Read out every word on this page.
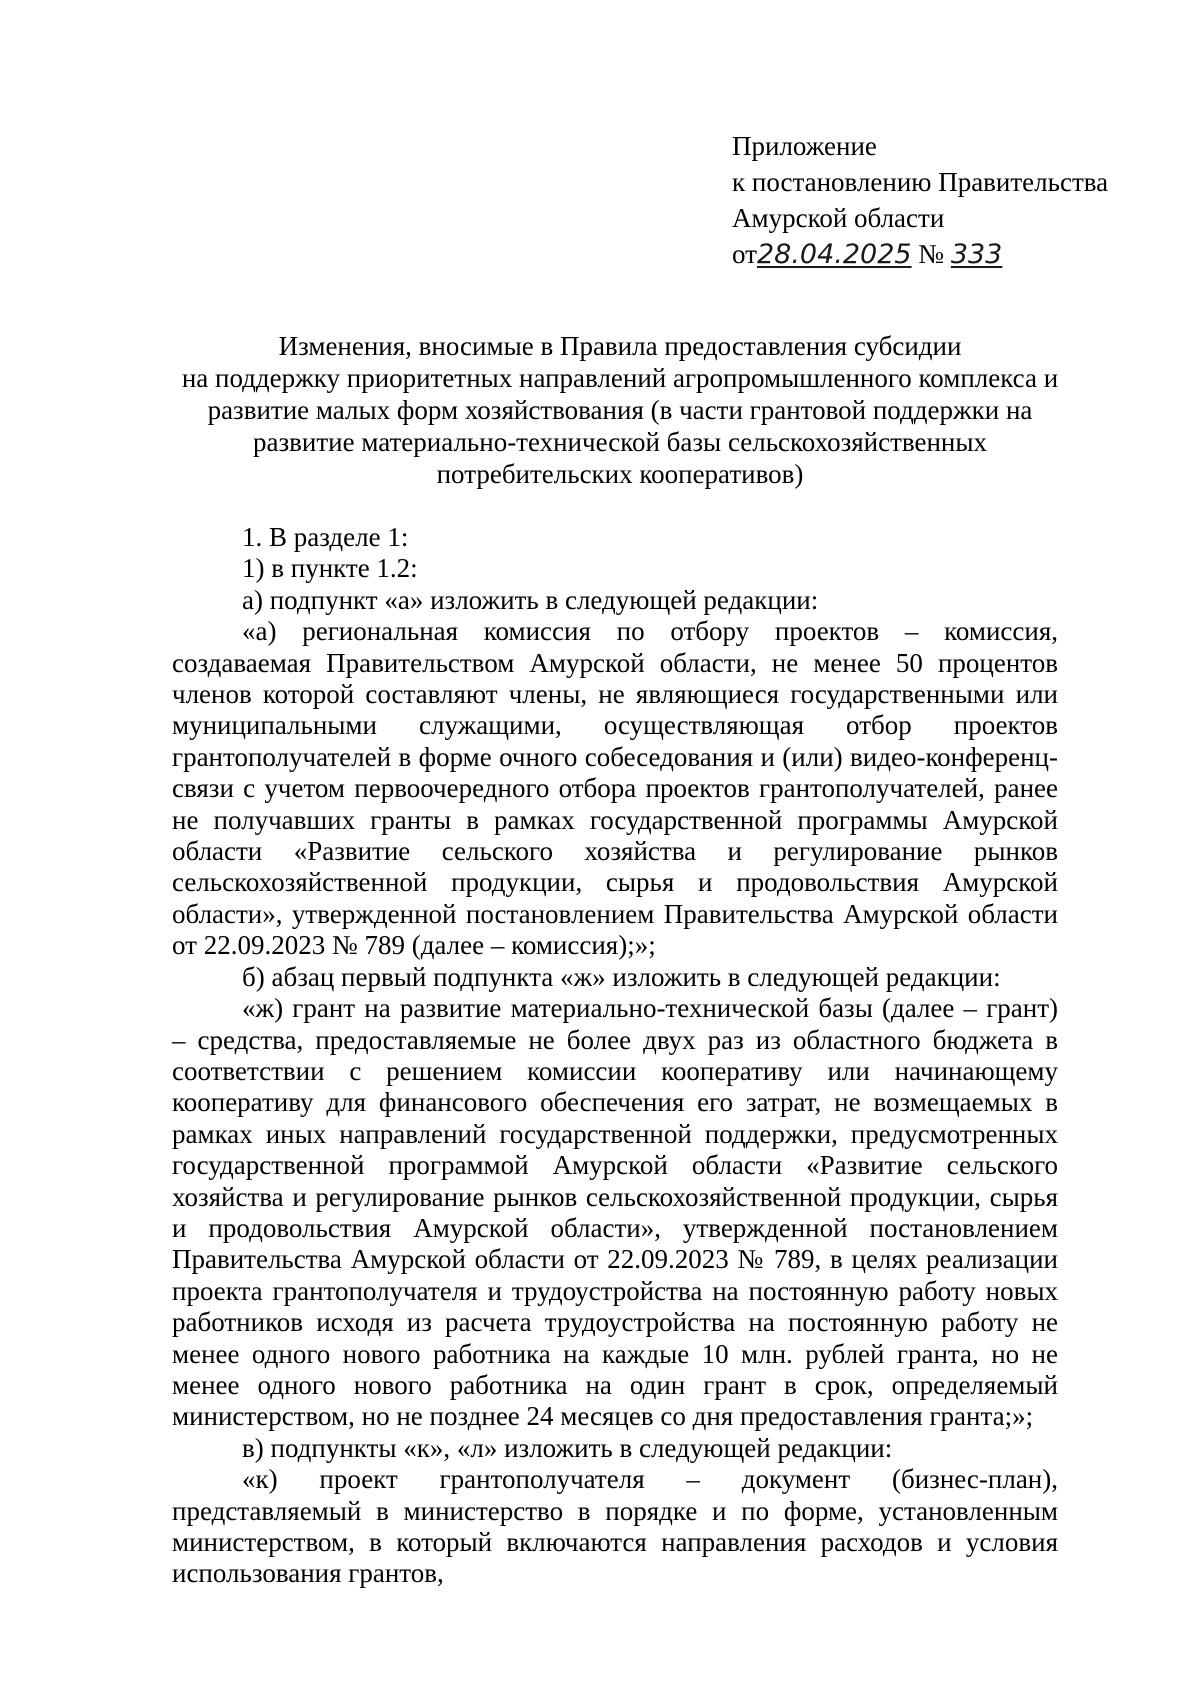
Приложение
к постановлению Правительства
Амурской области
от28.04.2025 № 333
Изменения, вносимые в Правила предоставления субсидии
на поддержку приоритетных направлений агропромышленного комплекса и
развитие малых форм хозяйствования (в части грантовой поддержки на
развитие материально-технической базы сельскохозяйственных
потребительских кооперативов)

1. В разделе 1:

1) в пункте 1.2:

а) подпункт «а» изложить в следующей редакции:

«а) региональная комиссия по отбору проектов – комиссия, создаваемая Правительством Амурской области, не менее 50 процентов членов которой составляют члены, не являющиеся государственными или муниципальными служащими, осуществляющая отбор проектов грантополучателей в форме очного собеседования и (или) видео-конференц-связи с учетом первоочередного отбора проектов грантополучателей, ранее не получавших гранты в рамках государственной программы Амурской области «Развитие сельского хозяйства и регулирование рынков сельскохозяйственной продукции, сырья и продовольствия Амурской области», утвержденной постановлением Правительства Амурской области от 22.09.2023 № 789 (далее – комиссия);»;

б) абзац первый подпункта «ж» изложить в следующей редакции:

«ж) грант на развитие материально-технической базы (далее – грант) – средства, предоставляемые не более двух раз из областного бюджета в соответствии с решением комиссии кооперативу или начинающему кооперативу для финансового обеспечения его затрат, не возмещаемых в рамках иных направлений государственной поддержки, предусмотренных государственной программой Амурской области «Развитие сельского хозяйства и регулирование рынков сельскохозяйственной продукции, сырья и продовольствия Амурской области», утвержденной постановлением Правительства Амурской области от 22.09.2023 № 789, в целях реализации проекта грантополучателя и трудоустройства на постоянную работу новых работников исходя из расчета трудоустройства на постоянную работу не менее одного нового работника на каждые 10 млн. рублей гранта, но не менее одного нового работника на один грант в срок, определяемый министерством, но не позднее 24 месяцев со дня предоставления гранта;»;

в) подпункты «к», «л» изложить в следующей редакции:

«к) проект грантополучателя – документ (бизнес-план), представляемый в министерство в порядке и по форме, установленным министерством, в который включаются направления расходов и условия использования грантов,
